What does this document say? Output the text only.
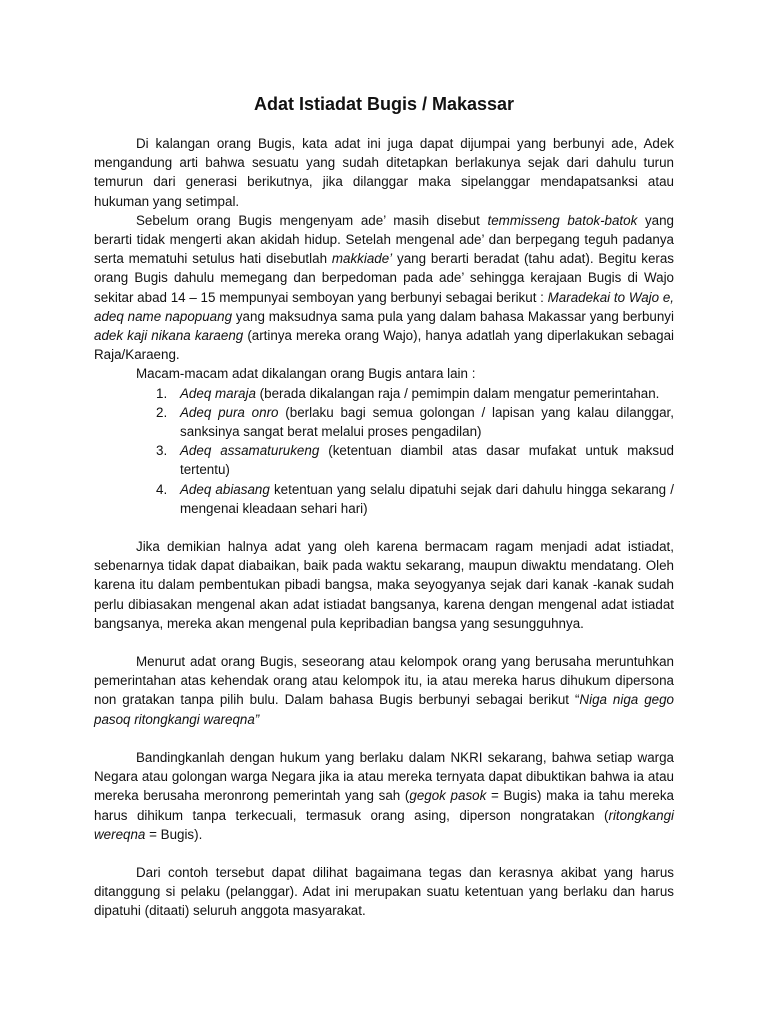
Adat Istiadat Bugis / Makassar

Di kalangan orang Bugis, kata adat ini juga dapat dijumpai yang berbunyi ade, Adek mengandung arti bahwa sesuatu yang sudah ditetapkan berlakunya sejak dari dahulu turun temurun dari generasi berikutnya, jika dilanggar maka sipelanggar mendapatsanksi atau hukuman yang setimpal.

Sebelum orang Bugis mengenyam ade’ masih disebut temmisseng batok-batok yang berarti tidak mengerti akan akidah hidup. Setelah mengenal ade’ dan berpegang teguh padanya serta mematuhi setulus hati disebutlah makkiade’ yang berarti beradat (tahu adat). Begitu keras orang Bugis dahulu memegang dan berpedoman pada ade’ sehingga kerajaan Bugis di Wajo sekitar abad 14 – 15 mempunyai semboyan yang berbunyi sebagai berikut : Maradekai to Wajo e, adeq name napopuang yang maksudnya sama pula yang dalam bahasa Makassar yang berbunyi adek kaji nikana karaeng (artinya mereka orang Wajo), hanya adatlah yang diperlakukan sebagai Raja/Karaeng.

Macam-macam adat dikalangan orang Bugis antara lain :

1. Adeq maraja (berada dikalangan raja / pemimpin dalam mengatur pemerintahan.
2. Adeq pura onro (berlaku bagi semua golongan / lapisan yang kalau dilanggar, sanksinya sangat berat melalui proses pengadilan)
3. Adeq assamaturukeng (ketentuan diambil atas dasar mufakat untuk maksud tertentu)
4. Adeq abiasang ketentuan yang selalu dipatuhi sejak dari dahulu hingga sekarang / mengenai kleadaan sehari hari)

Jika demikian halnya adat yang oleh karena bermacam ragam menjadi adat istiadat, sebenarnya tidak dapat diabaikan, baik pada waktu sekarang, maupun diwaktu mendatang. Oleh karena itu dalam pembentukan pibadi bangsa, maka seyogyanya sejak dari kanak -kanak sudah perlu dibiasakan mengenal akan adat istiadat bangsanya, karena dengan mengenal adat istiadat bangsanya, mereka akan mengenal pula kepribadian bangsa yang sesungguhnya.

Menurut adat orang Bugis, seseorang atau kelompok orang yang berusaha meruntuhkan pemerintahan atas kehendak orang atau kelompok itu, ia atau mereka harus dihukum dipersona non gratakan tanpa pilih bulu. Dalam bahasa Bugis berbunyi sebagai berikut “Niga niga gego pasoq ritongkangi wareqna”

Bandingkanlah dengan hukum yang berlaku dalam NKRI sekarang, bahwa setiap warga Negara atau golongan warga Negara jika ia atau mereka ternyata dapat dibuktikan bahwa ia atau mereka berusaha meronrong pemerintah yang sah (gegok pasok = Bugis) maka ia tahu mereka harus dihikum tanpa terkecuali, termasuk orang asing, diperson nongratakan (ritongkangi wereqna = Bugis).

Dari contoh tersebut dapat dilihat bagaimana tegas dan kerasnya akibat yang harus ditanggung si pelaku (pelanggar). Adat ini merupakan suatu ketentuan yang berlaku dan harus dipatuhi (ditaati) seluruh anggota masyarakat.
